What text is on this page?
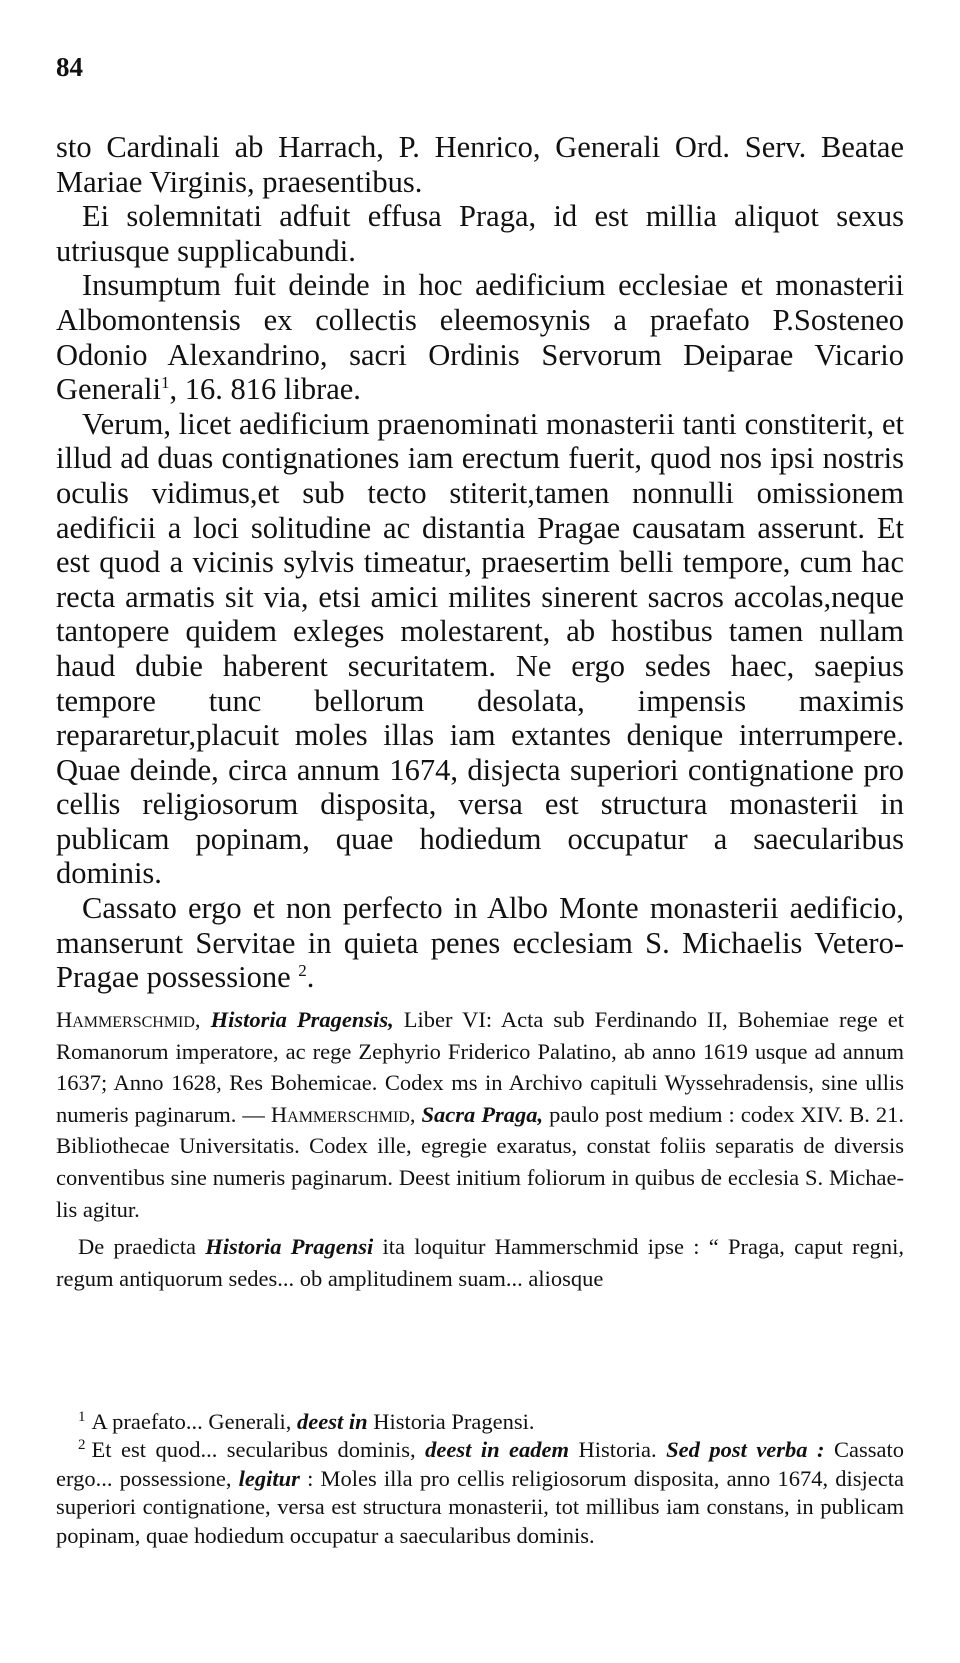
84

sto Cardinali ab Harrach, P. Henrico, Generali Ord. Serv. Beatae Mariae Virginis, praesentibus.

Ei solemnitati adfuit effusa Praga, id est millia aliquot sexus utriusque supplicabundi.

Insumptum fuit deinde in hoc aedificium ecclesiae et monasterii Albomontensis ex collectis eleemosynis a praefato P.Sosteneo Odonio Alexandrino, sacri Ordinis Servorum Deiparae Vicario Generali$^1$, 16. 816 librae.

Verum, licet aedificium praenominati monasterii tanti constiterit, et illud ad duas contignationes iam erectum fuerit, quod nos ipsi nostris oculis vidimus,et sub tecto stiterit,tamen nonnulli omissionem aedificii a loci solitudine ac distantia Pragae causatam asserunt. Et est quod a vicinis sylvis timeatur, praesertim belli tempore, cum hac recta armatis sit via, etsi amici milites sinerent sacros accolas,neque tantopere quidem exleges molestarent, ab hostibus tamen nullam haud dubie haberent securitatem. Ne ergo sedes haec, saepius tempore tunc bellorum desolata, impensis maximis repararetur,placuit moles illas iam extantes denique interrumpere. Quae deinde, circa annum 1674, disjecta superiori contignatione pro cellis religiosorum disposita, versa est structura monasterii in publicam popinam, quae hodiedum occupatur a saecularibus dominis.

Cassato ergo et non perfecto in Albo Monte monasterii aedificio, manserunt Servitae in quieta penes ecclesiam S. Michaelis Vetero-Pragae possessione $^2$.

Hammerschmid, Historia Pragensis, Liber VI: Acta sub Ferdinando II, Bohemiae rege et Romanorum imperatore, ac rege Zephyrio Friderico Palatino, ab anno 1619 usque ad annum 1637; Anno 1628, Res Bohemicae. Codex ms in Archivo capituli Wyssehradensis, sine ullis numeris paginarum. — Hammerschmid, Sacra Praga, paulo post medium : codex XIV. B. 21. Bibliothecae Universitatis. Codex ille, egregie exaratus, constat foliis separatis de diversis conventibus sine numeris paginarum. Deest initium foliorum in quibus de ecclesia S. Michaelis agitur.

De praedicta Historia Pragensi ita loquitur Hammerschmid ipse : “ Praga, caput regni, regum antiquorum sedes... ob amplitudinem suam... aliosque

$^1$ A praefato... Generali, deest in Historia Pragensi.

$^2$ Et est quod... secularibus dominis, deest in eadem Historia. Sed post verba : Cassato ergo... possessione, legitur : Moles illa pro cellis religiosorum disposita, anno 1674, disjecta superiori contignatione, versa est structura monasterii, tot millibus iam constans, in publicam popinam, quae hodiedum occupatur a saecularibus dominis.
